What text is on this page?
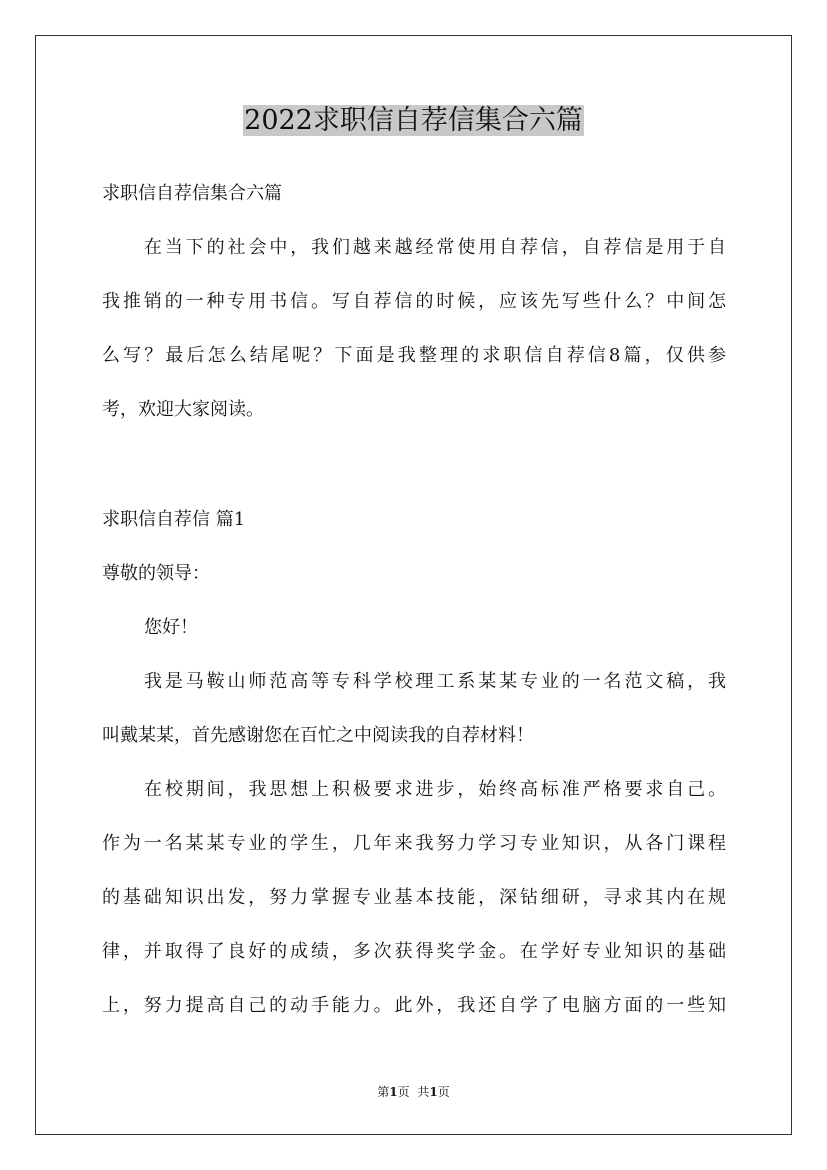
2022求职信自荐信集合六篇

求职信自荐信集合六篇

在当下的社会中，我们越来越经常使用自荐信，自荐信是用于自

我推销的一种专用书信。写自荐信的时候，应该先写些什么？中间怎

么写？最后怎么结尾呢？下面是我整理的求职信自荐信8篇，仅供参

考，欢迎大家阅读。

求职信自荐信 篇1

尊敬的领导：

您好！

我是马鞍山师范高等专科学校理工系某某专业的一名范文稿，我

叫戴某某，首先感谢您在百忙之中阅读我的自荐材料！

在校期间，我思想上积极要求进步，始终高标准严格要求自己。

作为一名某某专业的学生，几年来我努力学习专业知识，从各门课程

的基础知识出发，努力掌握专业基本技能，深钻细研，寻求其内在规

律，并取得了良好的成绩，多次获得奖学金。在学好专业知识的基础

上，努力提高自己的动手能力。此外，我还自学了电脑方面的一些知

第1页 共1页
